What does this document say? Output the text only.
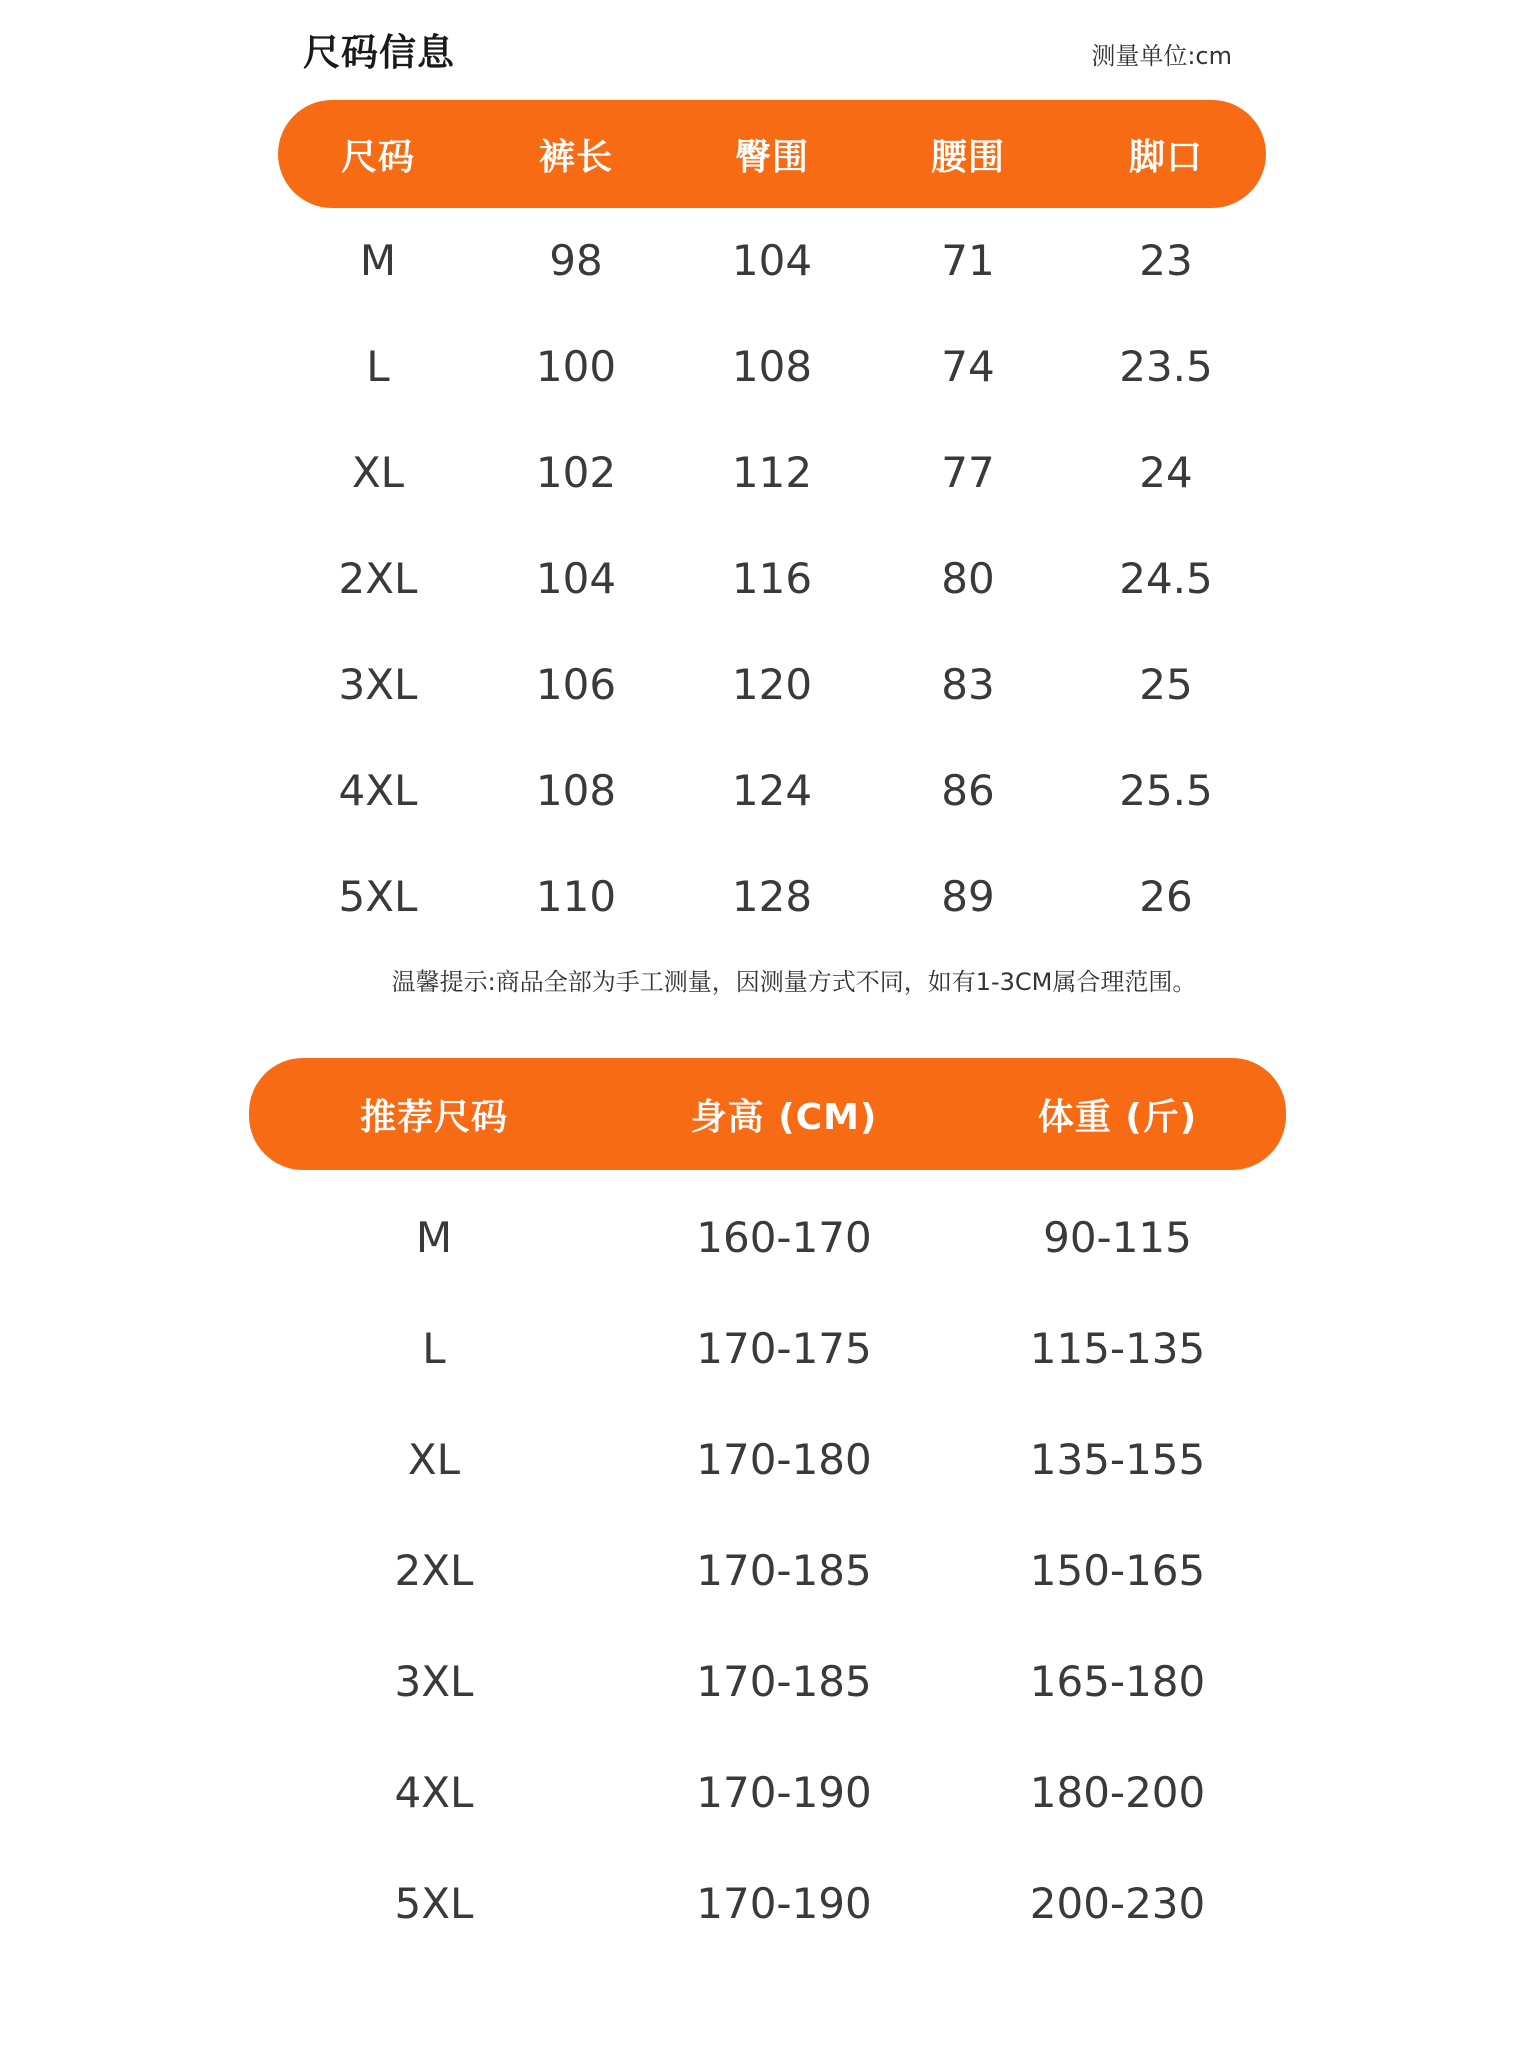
尺码信息	测量单位:cm
尺码	裤长	臀围	腰围	脚口
M	98	104	71	23
L	100	108	74	23.5
XL	102	112	77	24
2XL	104	116	80	24.5
3XL	106	120	83	25
4XL	108	124	86	25.5
5XL	110	128	89	26
温馨提示:商品全部为手工测量，因测量方式不同，如有1-3CM属合理范围。
推荐尺码	身高 (CM)	体重 (斤)
M	160-170	90-115
L	170-175	115-135
XL	170-180	135-155
2XL	170-185	150-165
3XL	170-185	165-180
4XL	170-190	180-200
5XL	170-190	200-230
